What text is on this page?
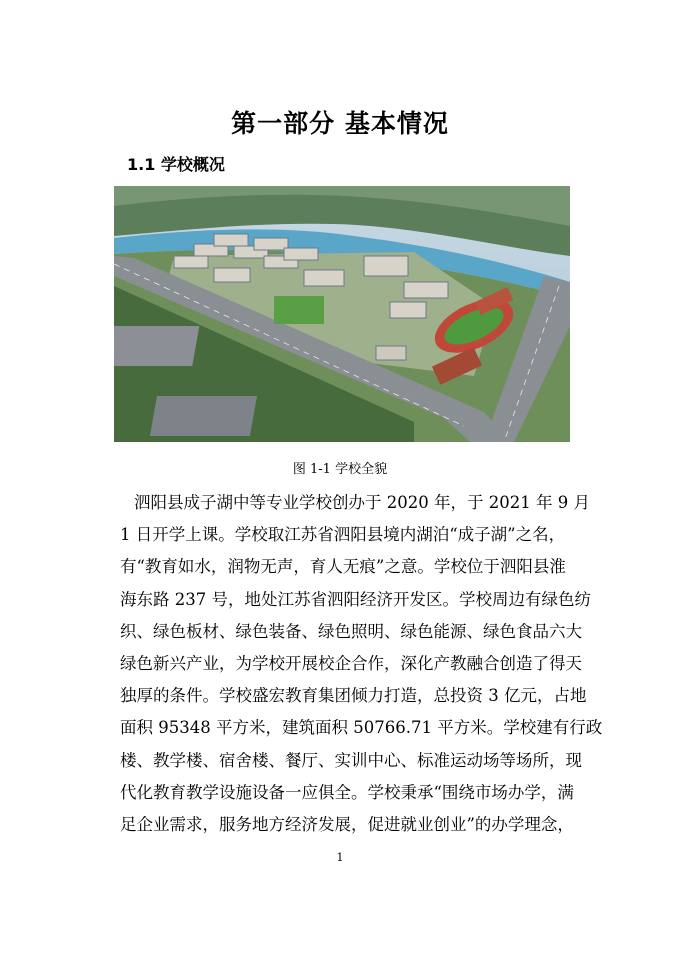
第一部分 基本情况
1.1 学校概况
图 1-1 学校全貌
泗阳县成子湖中等专业学校创办于 2020 年，于 2021 年 9 月
1 日开学上课。学校取江苏省泗阳县境内湖泊“成子湖”之名，
有“教育如水，润物无声，育人无痕”之意。学校位于泗阳县淮
海东路 237 号，地处江苏省泗阳经济开发区。学校周边有绿色纺
织、绿色板材、绿色装备、绿色照明、绿色能源、绿色食品六大
绿色新兴产业，为学校开展校企合作，深化产教融合创造了得天
独厚的条件。学校盛宏教育集团倾力打造，总投资 3 亿元，占地
面积 95348 平方米，建筑面积 50766.71 平方米。学校建有行政
楼、教学楼、宿舍楼、餐厅、实训中心、标准运动场等场所，现
代化教育教学设施设备一应俱全。学校秉承“围绕市场办学，满
足企业需求，服务地方经济发展，促进就业创业”的办学理念，
1
